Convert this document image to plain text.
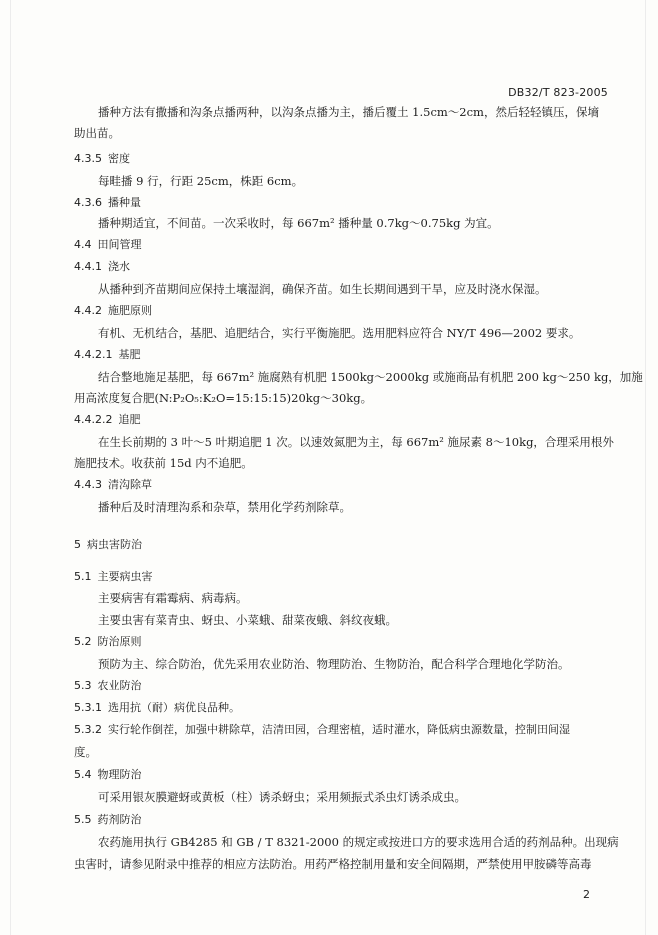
DB32/T 823-2005
播种方法有撒播和沟条点播两种，以沟条点播为主，播后覆土 1.5cm～2cm，然后轻轻镇压，保墒
助出苗。
4.3.5 密度
每畦播 9 行，行距 25cm，株距 6cm。
4.3.6 播种量
播种期适宜，不间苗。一次采收时，每 667m² 播种量 0.7kg～0.75kg 为宜。
4.4 田间管理
4.4.1 浇水
从播种到齐苗期间应保持土壤湿润，确保齐苗。如生长期间遇到干旱，应及时浇水保湿。
4.4.2 施肥原则
有机、无机结合，基肥、追肥结合，实行平衡施肥。选用肥料应符合 NY/T 496—2002 要求。
4.4.2.1 基肥
结合整地施足基肥，每 667m² 施腐熟有机肥 1500kg～2000kg 或施商品有机肥 200 kg～250 kg，加施
用高浓度复合肥(N:P₂O₅:K₂O=15:15:15)20kg～30kg。
4.4.2.2 追肥
在生长前期的 3 叶～5 叶期追肥 1 次。以速效氮肥为主，每 667m² 施尿素 8～10kg，合理采用根外
施肥技术。收获前 15d 内不追肥。
4.4.3 清沟除草
播种后及时清理沟系和杂草，禁用化学药剂除草。
5 病虫害防治
5.1 主要病虫害
主要病害有霜霉病、病毒病。
主要虫害有菜青虫、蚜虫、小菜蛾、甜菜夜蛾、斜纹夜蛾。
5.2 防治原则
预防为主、综合防治，优先采用农业防治、物理防治、生物防治，配合科学合理地化学防治。
5.3 农业防治
5.3.1 选用抗（耐）病优良品种。
5.3.2 实行轮作倒茬，加强中耕除草，洁清田园，合理密植，适时灌水，降低病虫源数量，控制田间湿
度。
5.4 物理防治
可采用银灰膜避蚜或黄板（柱）诱杀蚜虫；采用频振式杀虫灯诱杀成虫。
5.5 药剂防治
农药施用执行 GB4285 和 GB / T 8321-2000 的规定或按进口方的要求选用合适的药剂品种。出现病
虫害时，请参见附录中推荐的相应方法防治。用药严格控制用量和安全间隔期，严禁使用甲胺磷等高毒
2
